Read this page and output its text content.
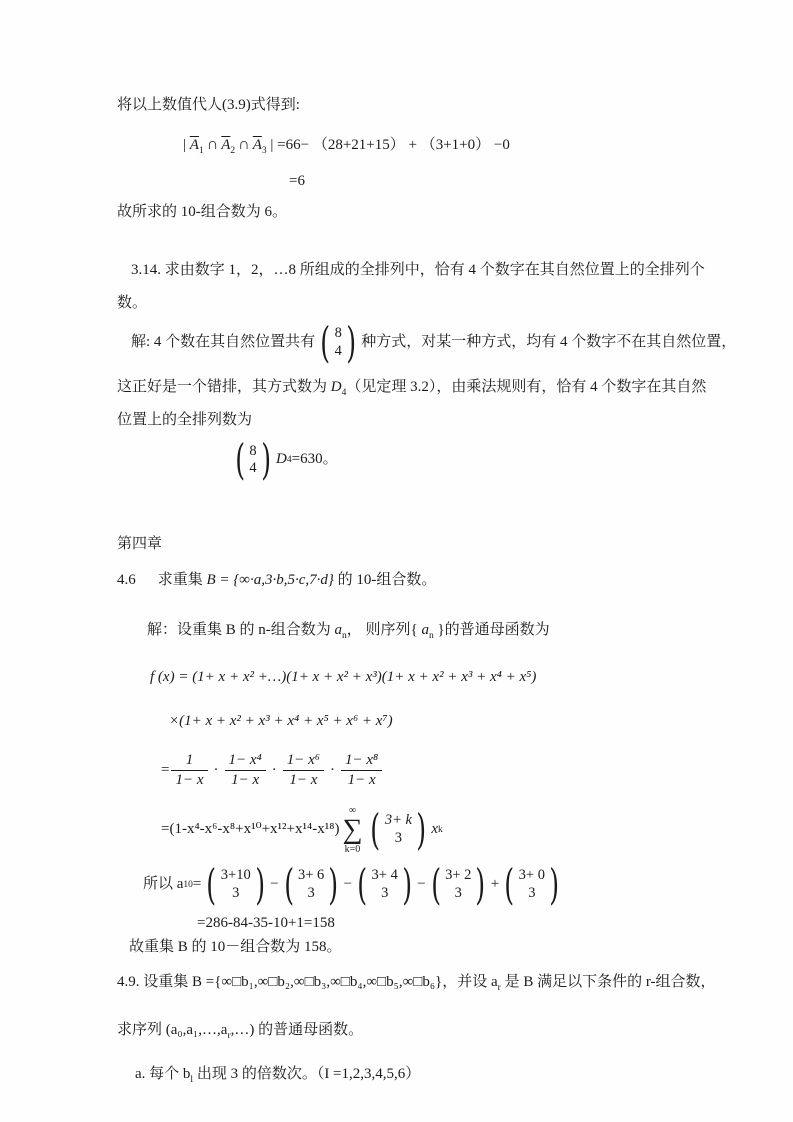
将以上数值代人(3.9)式得到:
| $\overline{A}_1$ ∩ $\overline{A}_2$ ∩ $\overline{A}_3$ | =66− （28+21+15） + （3+1+0） −0
=6
故所求的 10-组合数为 6。
3.14. 求由数字 1，2，…8 所组成的全排列中，恰有 4 个数字在其自然位置上的全排列个
数。
解: 4 个数在其自然位置共有 ( 8
4 ) 种方式，对某一种方式，均有 4 个数字不在其自然位置，
这正好是一个错排，其方式数为 $D_4$（见定理 3.2），由乘法规则有，恰有 4 个数字在其自然
位置上的全排列数为
( 8
4 ) D 4 =630。
第四章
4.6 求重集 B = {∞·a,3·b,5·c,7·d} 的 10-组合数。
解：设重集 B 的 n-组合数为 $a_n$， 则序列{ $a_n$ }的普通母函数为
f (x) = (1+ x + x² +…)(1+ x + x² + x³)(1+ x + x² + x³ + x⁴ + x⁵)
×(1+ x + x² + x³ + x⁴ + x⁵ + x⁶ + x⁷)
= $\frac{1}{1- x} \cdot \frac{\text{1− x⁴}}{1- x} \cdot \frac{\text{1− x⁶}}{1- x} \cdot \frac{\text{1− x⁸}}{1- x}$
=(1-x⁴-x⁶-x⁸+x¹⁰+x¹²+x¹⁴-x¹⁸)
∞
∑
k=0 ( 3+ k
3 ) x k
所以 a 10 = ( 3+10
3 ) − ( 3+ 6
3 ) − ( 3+ 4
3 ) − ( 3+ 2
3 ) + ( 3+ 0
3 )
=286-84-35-10+1=158
故重集 B 的 10－组合数为 158。
4.9. 设重集 B ={∞□b₁,∞□b₂,∞□b₃,∞□b₄,∞□b₅,∞□b₆}，并设 $a_r$ 是 B 满足以下条件的 r-组合数，
求序列 $(a_0,a_1,\dots,a_r,\dots)$ 的普通母函数。
a. 每个 $b_l$ 出现 3 的倍数次。（I =1,2,3,4,5,6）
